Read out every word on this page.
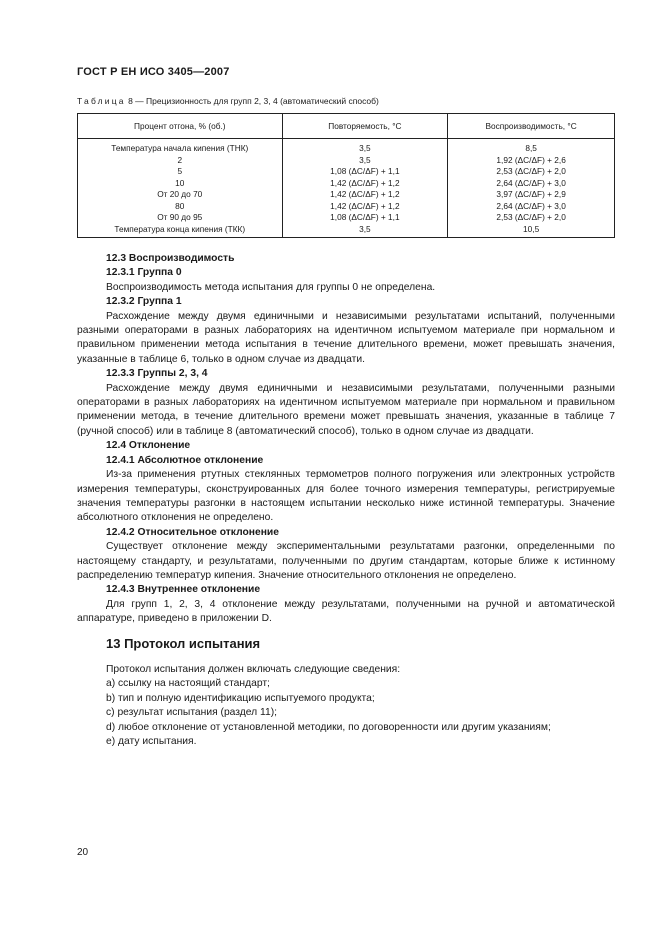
ГОСТ Р ЕН ИСО 3405—2007
Таблица 8 — Прецизионность для групп 2, 3, 4 (автоматический способ)
Процент отгона, % (об.)	Повторяемость, °C	Воспроизводимость, °C
Температура начала кипения (ТНК)	3,5	8,5
2	3,5	1,92 (ΔC/ΔF) + 2,6
5	1,08 (ΔC/ΔF) + 1,1	2,53 (ΔC/ΔF) + 2,0
10	1,42 (ΔC/ΔF) + 1,2	2,64 (ΔC/ΔF) + 3,0
От 20 до 70	1,42 (ΔC/ΔF) + 1,2	3,97 (ΔC/ΔF) + 2,9
80	1,42 (ΔC/ΔF) + 1,2	2,64 (ΔC/ΔF) + 3,0
От 90 до 95	1,08 (ΔC/ΔF) + 1,1	2,53 (ΔC/ΔF) + 2,0
Температура конца кипения (ТКК)	3,5	10,5

12.3 Воспроизводимость

12.3.1 Группа 0

Воспроизводимость метода испытания для группы 0 не определена.

12.3.2 Группа 1

Расхождение между двумя единичными и независимыми результатами испытаний, полученными разными операторами в разных лабораториях на идентичном испытуемом материале при нормальном и правильном применении метода испытания в течение длительного времени, может превышать значения, указанные в таблице 6, только в одном случае из двадцати.

12.3.3 Группы 2, 3, 4

Расхождение между двумя единичными и независимыми результатами, полученными разными операторами в разных лабораториях на идентичном испытуемом материале при нормальном и правильном применении метода, в течение длительного времени может превышать значения, указанные в таблице 7 (ручной способ) или в таблице 8 (автоматический способ), только в одном случае из двадцати.

12.4 Отклонение

12.4.1 Абсолютное отклонение

Из-за применения ртутных стеклянных термометров полного погружения или электронных устройств измерения температуры, сконструированных для более точного измерения температуры, регистрируемые значения температуры разгонки в настоящем испытании несколько ниже истинной температуры. Значение абсолютного отклонения не определено.

12.4.2 Относительное отклонение

Существует отклонение между экспериментальными результатами разгонки, определенными по настоящему стандарту, и результатами, полученными по другим стандартам, которые ближе к истинному распределению температур кипения. Значение относительного отклонения не определено.

12.4.3 Внутреннее отклонение

Для групп 1, 2, 3, 4 отклонение между результатами, полученными на ручной и автоматической аппаратуре, приведено в приложении D.

13 Протокол испытания

Протокол испытания должен включать следующие сведения:

а) ссылку на настоящий стандарт;

b) тип и полную идентификацию испытуемого продукта;

c) результат испытания (раздел 11);

d) любое отклонение от установленной методики, по договоренности или другим указаниям;

e) дату испытания.

20
